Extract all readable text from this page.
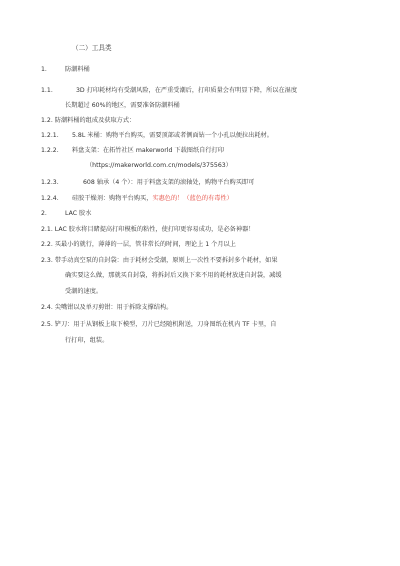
（二）工具类
1.	防潮料桶
1.1.	3D 打印耗材均有受潮风险，在严重受潮后，打印质量会有明显下降，所以在湿度
长期超过 60%的地区，需要准备防潮料桶
1.2. 防潮料桶的组成及获取方式：
1.2.1. 5.8L 米桶：购物平台购买，需要顶部或者侧面钻一个小孔以便拉出耗材。
1.2.2. 料盘支架：在拓竹社区 makerworld 下载图纸自行打印
（https://makerworld.com.cn/models/375563）
1.2.3.	608 轴承（4 个）：用于料盘支架的滚轴处，购物平台购买即可
1.2.4. 硅胶干燥剂：购物平台购买，实惠色的！（蓝色的有毒性）
2.	LAC 胶水
2.1. LAC 胶水将目睹提高打印模板的粘性，使打印更容易成功，是必备神器！
2.2. 买最小的就行，薄薄的一层，管非常长的时间，理论上 1 个月以上
2.3. 带手动真空泵的自封袋：由于耗材会受潮，原则上一次性不要拆封多个耗材，如果
确实要这么做，那就买自封袋，将拆封后又换下来不用的耗材放进自封袋，减缓
受潮的速度。
2.4. 尖嘴钳以及单刃剪钳：用于拆除支撑结构。
2.5. 铲刀：用于从钢板上取下模型，刀片已经随机附送，刀身图纸在机内 TF 卡里，自
行打印，组装。
